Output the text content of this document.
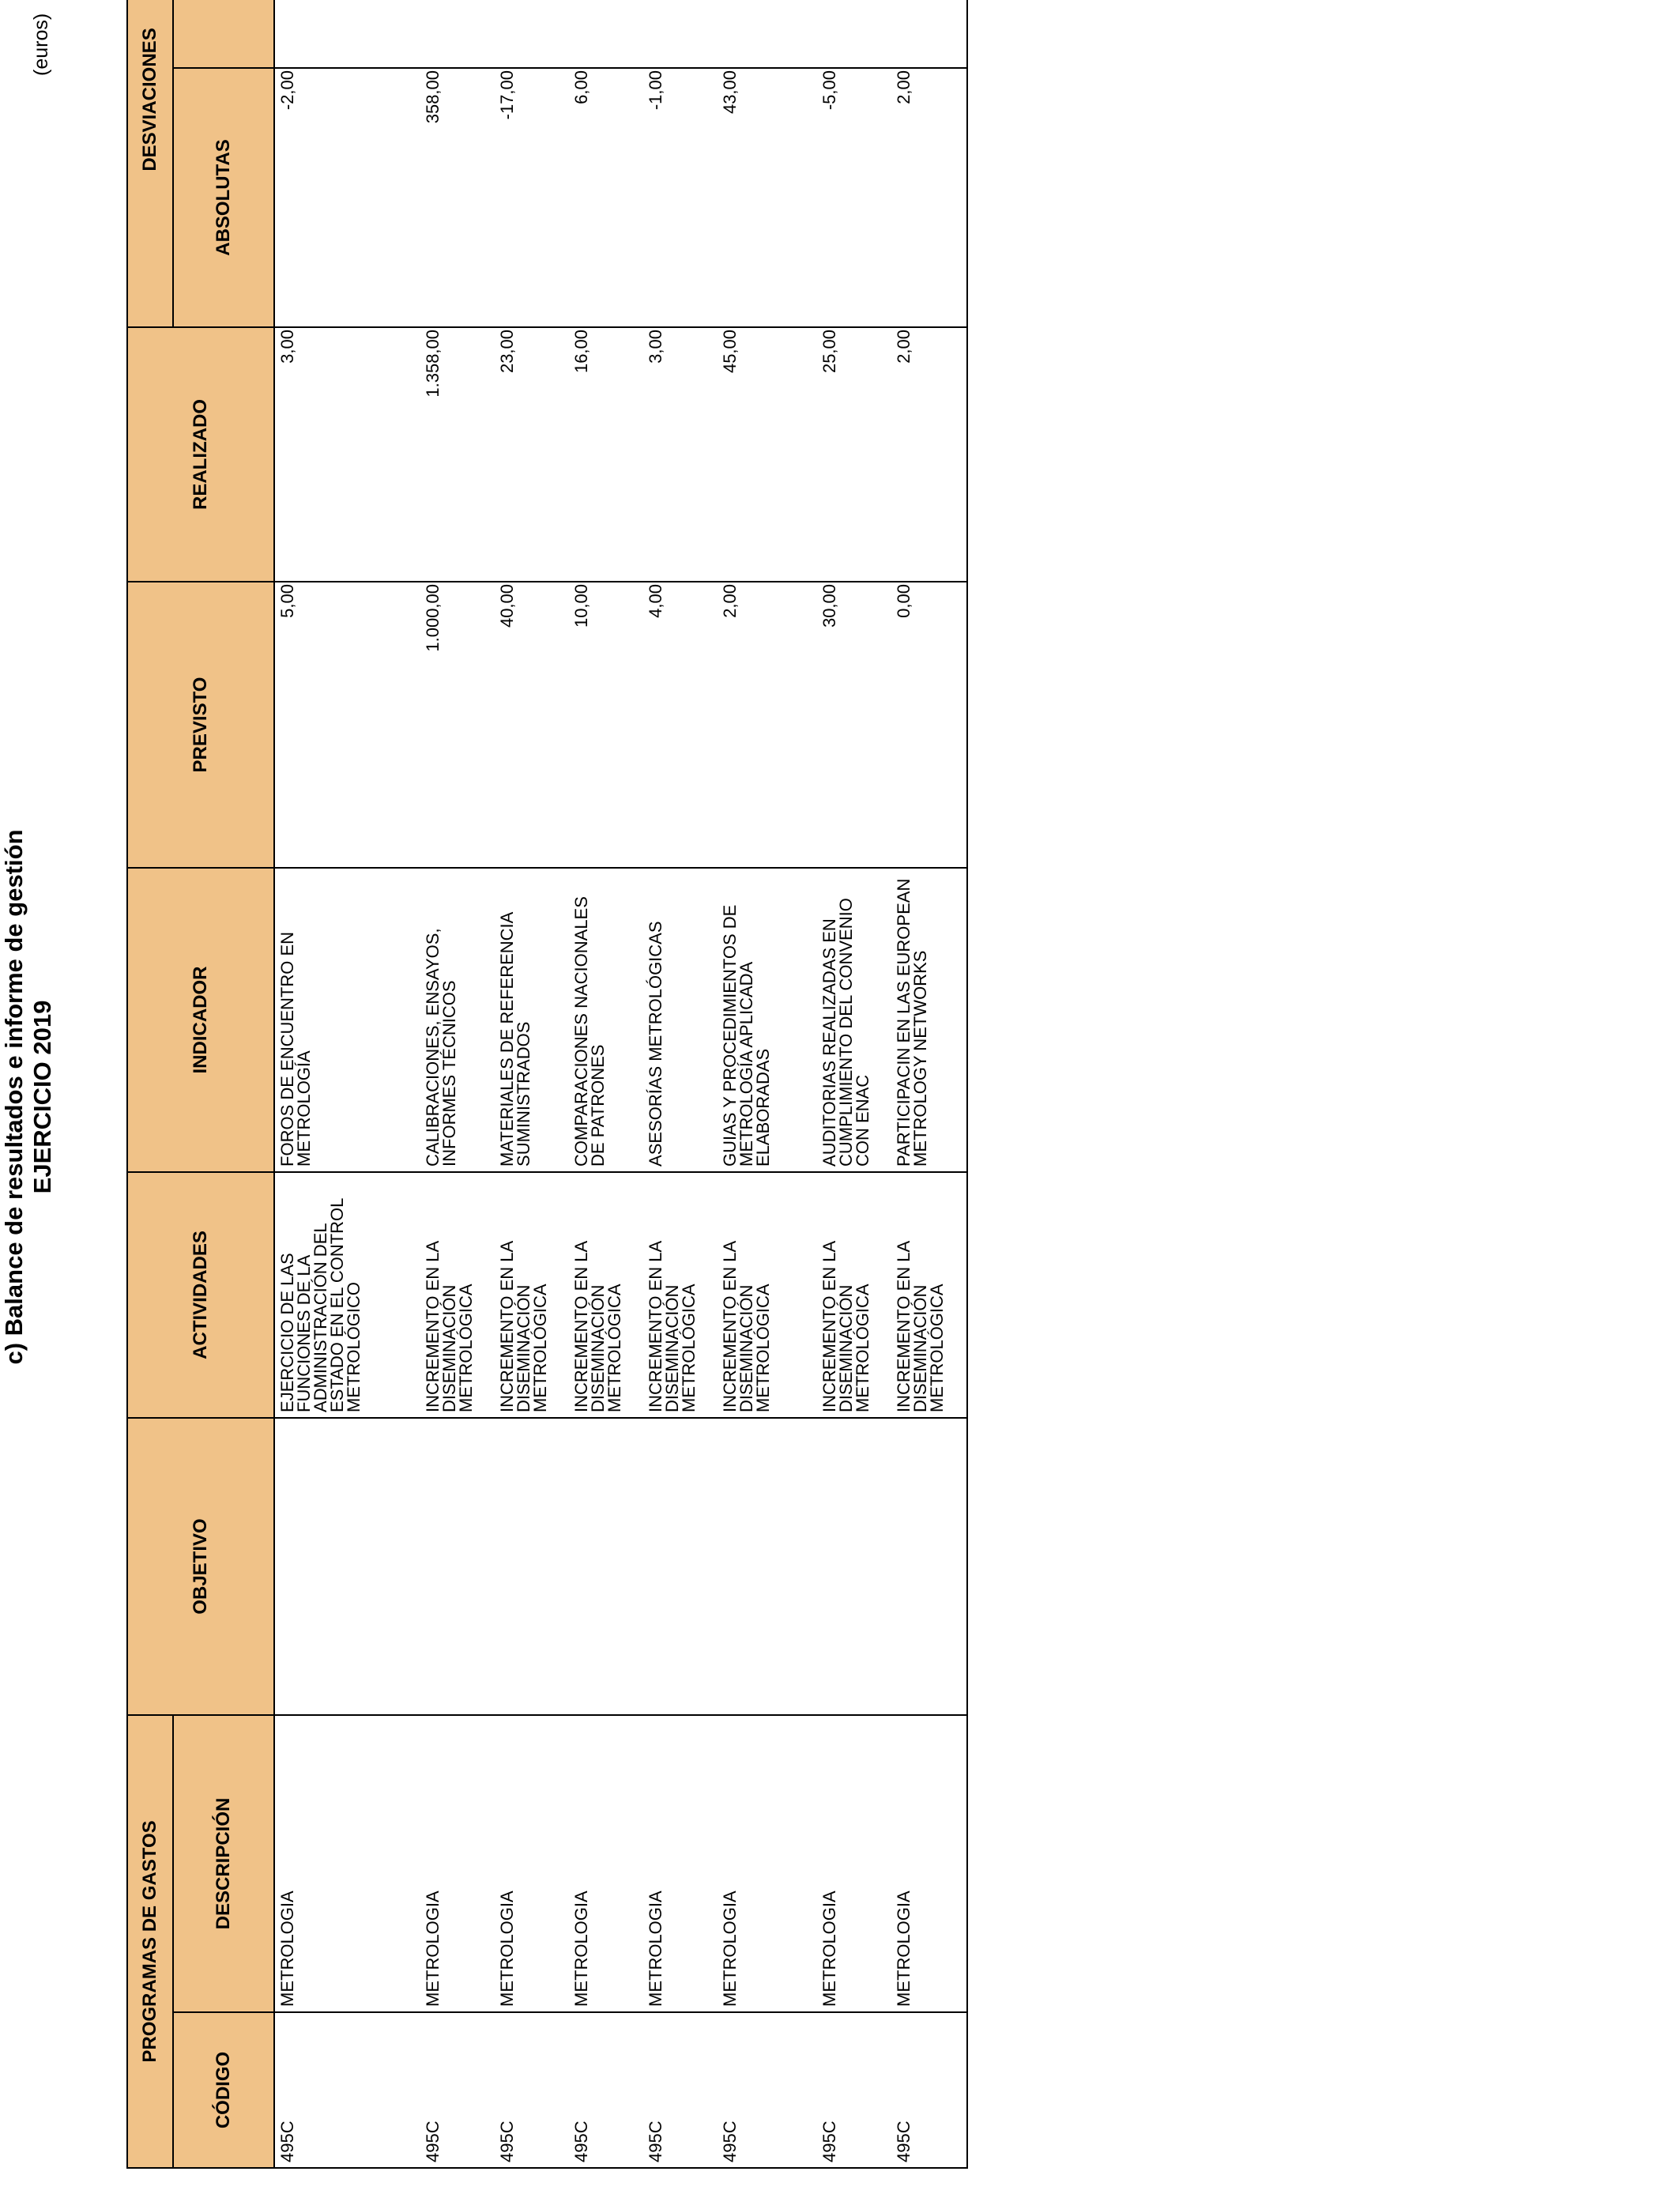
c) Balance de resultados e informe de gestión EJERCICIO 2019
(euros)
PROGRAMAS DE GASTOS		OBJETIVO	ACTIVIDADES	INDICADOR	PREVISTO	REALIZADO	DESVIACIONES	
CÓDIGO	DESCRIPCIÓN						ABSOLUTAS	
495C	METROLOGIA		EJERCICIO DE LAS FUNCIONES DE LA ADMINISTRACIÓN DEL ESTADO EN EL CONTROL METROLÓGICO	FOROS DE ENCUENTRO EN METROLOGÍA	5,00	3,00	-2,00	
495C	METROLOGIA		INCREMENTO EN LA DISEMINACIÓN METROLÓGICA	CALIBRACIONES, ENSAYOS, INFORMES TÉCNICOS	1.000,00	1.358,00	358,00	
495C	METROLOGIA		INCREMENTO EN LA DISEMINACIÓN METROLÓGICA	MATERIALES DE REFERENCIA SUMINISTRADOS	40,00	23,00	-17,00	
495C	METROLOGIA		INCREMENTO EN LA DISEMINACIÓN METROLÓGICA	COMPARACIONES NACIONALES DE PATRONES	10,00	16,00	6,00	
495C	METROLOGIA		INCREMENTO EN LA DISEMINACIÓN METROLÓGICA	ASESORÍAS METROLÓGICAS	4,00	3,00	-1,00	
495C	METROLOGIA		INCREMENTO EN LA DISEMINACIÓN METROLÓGICA	GUIAS Y PROCEDIMIENTOS DE METROLOGÍA APLICADA ELABORADAS	2,00	45,00	43,00	
495C	METROLOGIA		INCREMENTO EN LA DISEMINACIÓN METROLÓGICA	AUDITORIAS REALIZADAS EN CUMPLIMIENTO DEL CONVENIO CON ENAC	30,00	25,00	-5,00	
495C	METROLOGIA		INCREMENTO EN LA DISEMINACIÓN METROLÓGICA	PARTICIPACIN EN LAS EUROPEAN METROLOGY NETWORKS	0,00	2,00	2,00	
